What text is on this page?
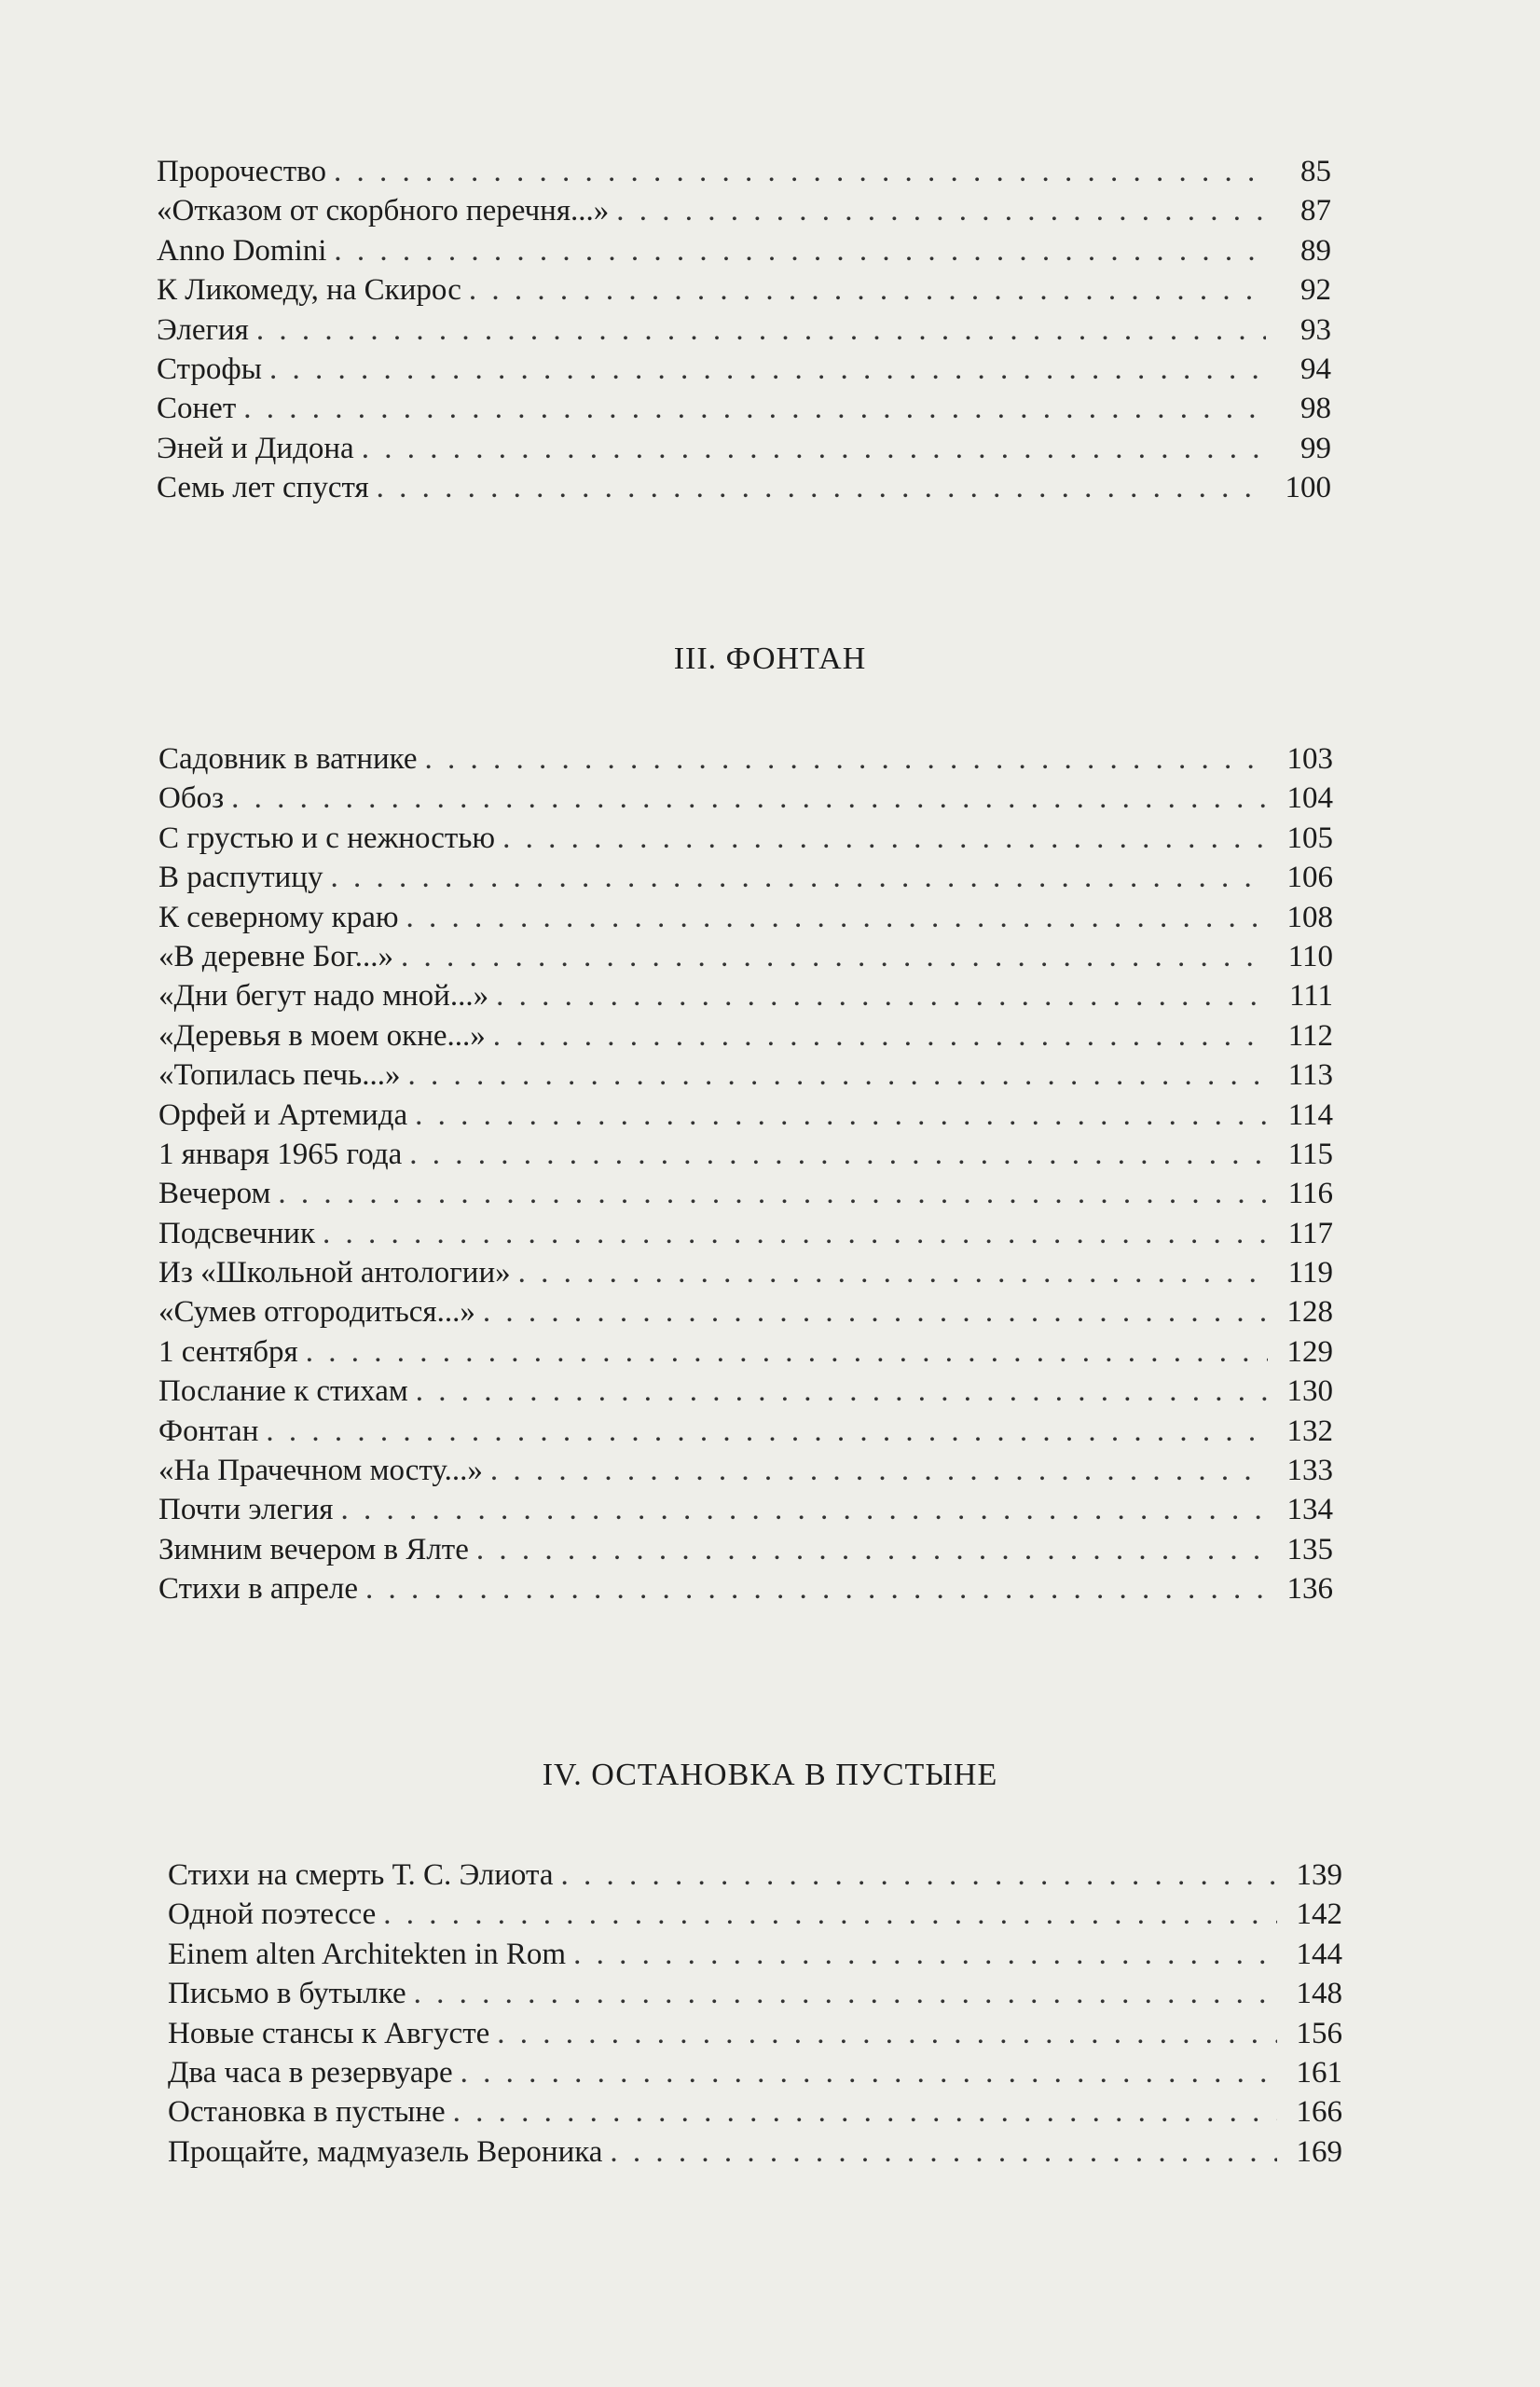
Пророчество . . .	85
«Отказом от скорбного перечня...» . . .	87
Anno Domini . . .	89
К Ликомеду, на Скирос . . .	92
Элегия . . .	93
Строфы . . .	94
Сонет . . .	98
Эней и Дидона . . .	99
Семь лет спустя . . .	100
III. ФОНТАН
Садовник в ватнике . . .	103
Обоз . . .	104
С грустью и с нежностью . . .	105
В распутицу . . .	106
К северному краю . . .	108
«В деревне Бог...» . . .	110
«Дни бегут надо мной...» . . .	111
«Деревья в моем окне...» . . .	112
«Топилась печь...» . . .	113
Орфей и Артемида . . .	114
1 января 1965 года . . .	115
Вечером . . .	116
Подсвечник . . .	117
Из «Школьной антологии» . . .	119
«Сумев отгородиться...» . . .	128
1 сентября . . .	129
Послание к стихам . . .	130
Фонтан . . .	132
«На Прачечном мосту...» . . .	133
Почти элегия . . .	134
Зимним вечером в Ялте . . .	135
Стихи в апреле . . .	136
IV. ОСТАНОВКА В ПУСТЫНЕ
Стихи на смерть Т. С. Элиота . . .	139
Одной поэтессе . . .	142
Einem alten Architekten in Rom . . .	144
Письмо в бутылке . . .	148
Новые стансы к Августе . . .	156
Два часа в резервуаре . . .	161
Остановка в пустыне . . .	166
Прощайте, мадмуазель Вероника . . .	169
